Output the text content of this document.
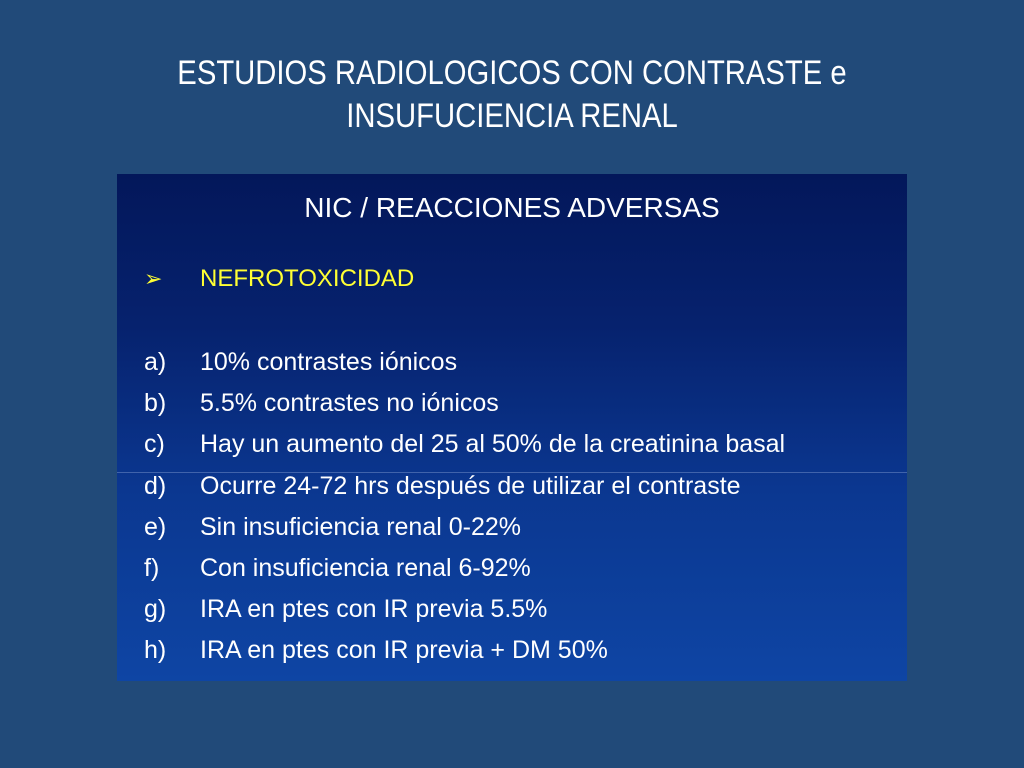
ESTUDIOS RADIOLOGICOS CON CONTRASTE e
INSUFUCIENCIA RENAL
NIC / REACCIONES ADVERSAS
➢	NEFROTOXICIDAD
a)	10% contrastes iónicos
b)	5.5% contrastes no iónicos
c)	Hay un aumento del 25 al 50% de la creatinina basal
d)	Ocurre 24-72 hrs después de utilizar el contraste
e)	Sin insuficiencia renal 0-22%
f)	Con insuficiencia renal 6-92%
g)	IRA en ptes con IR previa 5.5%
h)	IRA en ptes con IR previa + DM 50%
